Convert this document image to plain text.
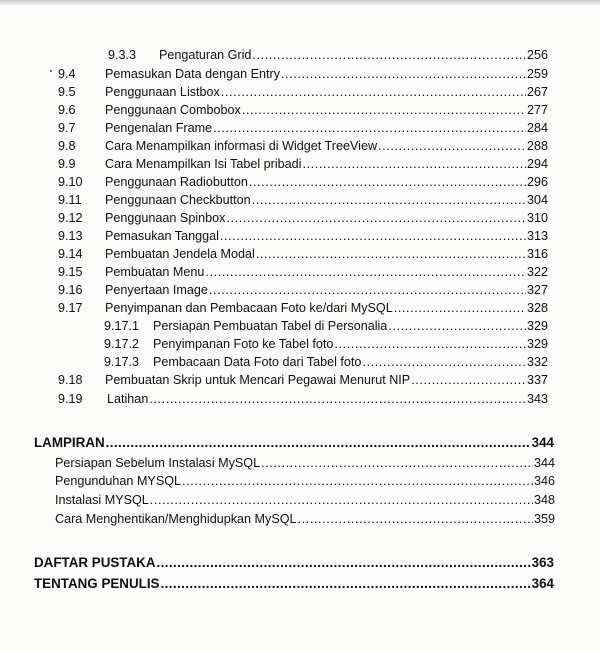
9.3.3 Pengaturan Grid .....	256
9.4 Pemasukan Data dengan Entry .....	259
9.5 Penggunaan Listbox .....	267
9.6 Penggunaan Combobox .....	277
9.7 Pengenalan Frame .....	284
9.8 Cara Menampilkan informasi di Widget TreeView .....	288
9.9 Cara Menampilkan Isi Tabel pribadi .....	294
9.10 Penggunaan Radiobutton .....	296
9.11 Penggunaan Checkbutton .....	304
9.12 Penggunaan Spinbox .....	310
9.13 Pemasukan Tanggal .....	313
9.14 Pembuatan Jendela Modal .....	316
9.15 Pembuatan Menu .....	322
9.16 Penyertaan Image .....	327
9.17 Penyimpanan dan Pembacaan Foto ke/dari MySQL .....	328
9.17.1 Persiapan Pembuatan Tabel di Personalia .....	329
9.17.2 Penyimpanan Foto ke Tabel foto .....	329
9.17.3 Pembacaan Data Foto dari Tabel foto .....	332
9.18 Pembuatan Skrip untuk Mencari Pegawai Menurut NIP .....	337
9.19 Latihan .....	343
LAMPIRAN .....	344
Persiapan Sebelum Instalasi MySQL .....	344
Pengunduhan MYSQL .....	346
Instalasi MYSQL .....	348
Cara Menghentikan/Menghidupkan MySQL .....	359
DAFTAR PUSTAKA .....	363
TENTANG PENULIS .....	364
